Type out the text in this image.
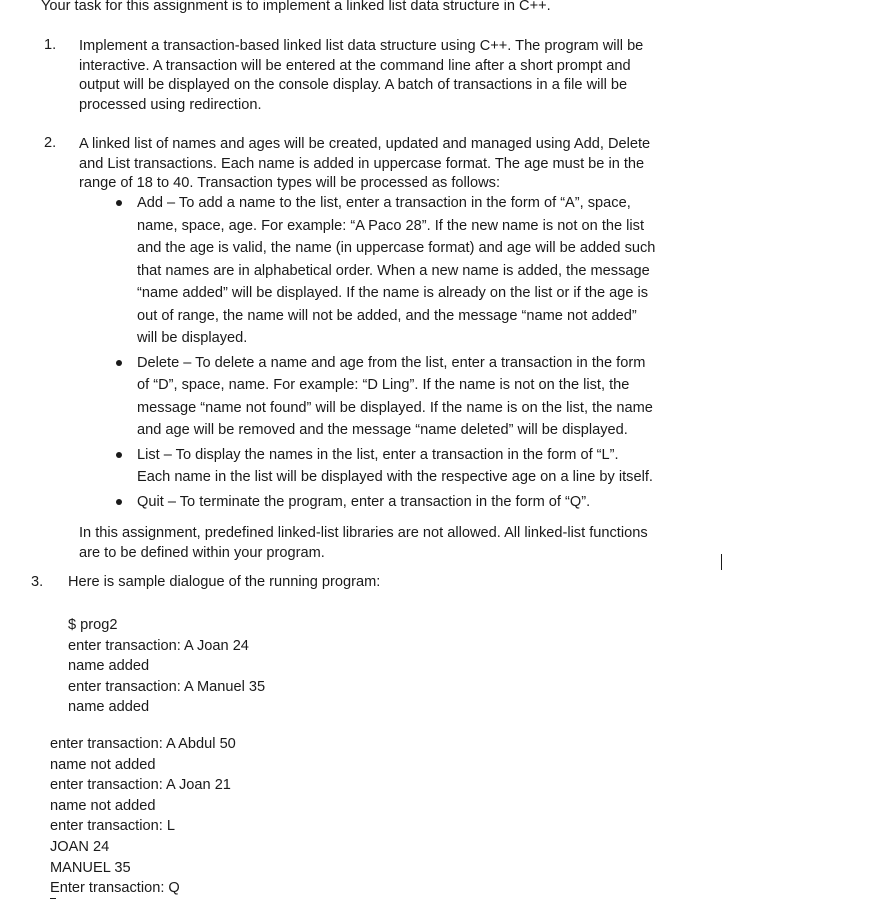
Your task for this assignment is to implement a linked list data structure in C++.
1. Implement a transaction-based linked list data structure using C++. The program will be
interactive. A transaction will be entered at the command line after a short prompt and
output will be displayed on the console display. A batch of transactions in a file will be
processed using redirection.
2. A linked list of names and ages will be created, updated and managed using Add, Delete
and List transactions. Each name is added in uppercase format. The age must be in the
range of 18 to 40. Transaction types will be processed as follows:
Add – To add a name to the list, enter a transaction in the form of “A”, space,
name, space, age. For example: “A Paco 28”. If the new name is not on the list
and the age is valid, the name (in uppercase format) and age will be added such
that names are in alphabetical order. When a new name is added, the message
“name added” will be displayed. If the name is already on the list or if the age is
out of range, the name will not be added, and the message “name not added”
will be displayed.
Delete – To delete a name and age from the list, enter a transaction in the form
of “D”, space, name. For example: “D Ling”. If the name is not on the list, the
message “name not found” will be displayed. If the name is on the list, the name
and age will be removed and the message “name deleted” will be displayed.
List – To display the names in the list, enter a transaction in the form of “L”.
Each name in the list will be displayed with the respective age on a line by itself.
Quit – To terminate the program, enter a transaction in the form of “Q”.
In this assignment, predefined linked-list libraries are not allowed. All linked-list functions
are to be defined within your program.
3. Here is sample dialogue of the running program:
$ prog2
enter transaction: A Joan 24
name added
enter transaction: A Manuel 35
name added
enter transaction: A Abdul 50
name not added
enter transaction: A Joan 21
name not added
enter transaction: L
JOAN 24
MANUEL 35
Enter transaction: Q
